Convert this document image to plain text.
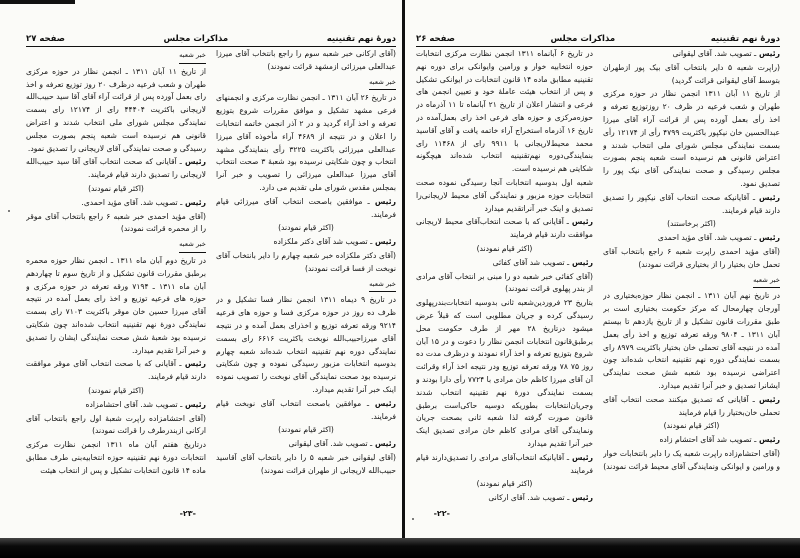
دورهٔ نهم تقنینیه
مذاکرات مجلس
صفحه ۲۷

(آقای ارکانی خبر شعبه سوم را راجع بانتخاب آقای میرزا عبدالعلی میرزائی ازمشهد قرائت نمودند)

خبر شعبه

در تاریخ ۲۶ آبان ۱۳۱۱ ـ انجمن نظارت مرکزی و انجمنهای فرعی مشهد تشکیل و موافق مقررات شروع بتوزیع تعرفه و اخذ آراء گردید و در ۲ آذر انجمن خاتمه انتخابات را اعلان و در نتیجه از ۴۶۸۹ آراء مأخوذه آقای میرزا عبدالعلی میرزائی باکثریت ۳۲۲۵ رأی بنمایندگی مشهد انتخاب و چون شکایتی نرسیده بود شعبهٔ ۳ صحت انتخاب آقای میرزا عبدالعلی میرزائی را تصویب و خبر آنرا بمجلس مقدس شورای ملی تقدیم می دارد.

رئیس ـ موافقین باصحت انتخاب آقای میرزائی قیام فرمایند.

(اکثر قیام نمودند)

رئیس ـ تصویب شد آقای دکتر ملکزاده

(آقای دکتر ملکزاده خبر شعبه چهارم را دایر بانتخاب آقای نوبخت از فسا قرائت نمودند)

خبر شعبه

در تاریخ ۹ دیماه ۱۳۱۱ انجمن نظار فسا تشکیل و در ظرف ده روز در حوزه مرکزی فسا و حوزه های فرعیه ۹۲۱۴ ورقه تعرفه توزیع و اخذرای بعمل آمده و در نتیجه آقای میرزاحبیب‌الله نوبخت باکثریت ۶۶۱۶ رای بسمت نمایندگی دوره نهم تقنینیه انتخاب شده‌اند شعبه چهارم بدوسیه انتخابات مزبور رسیدگی نموده و چون شکایتی نرسیده بود صحت نمایندگی آقای نوبخت را تصویب نموده اینک خبر آنرا تقدیم میدارد.

رئیس ـ موافقین باصحت انتخاب آقای نوبخت قیام فرمایند.

(اکثر قیام نمودند)

رئیس ـ تصویب شد. آقای لیقوانی

(آقای لیقوانی خبر شعبه ۵ را دایر بانتخاب آقای آقاسید حبیب‌الله لاریجانی از طهران قرائت نمودند)

خبر شعبه

از تاریخ ۱۱ آبان ۱۳۱۱ ـ انجمن نظار در حوزه مرکزی طهران و شعب فرعیه درظرف ۲۰ روز توزیع تعرفه و اخذ رای بعمل آورده پس از قرائت آراء آقای آقا سید حبیب‌الله لاریجانی باکثریت ۴۴۴۰۴ رای از ۱۲۱۷۴ رای بسمت نمایندگی مجلس شورای ملی انتخاب شدند و اعتراض قانونی هم نرسیده است شعبه پنجم بصورت مجلس رسیدگی و صحت نمایندگی آقای لاریجانی را تصدیق نمود.

رئیس ـ آقایانی که صحت انتخاب آقای آقا سید حبیب‌الله لاریجانی را تصدیق دارند قیام فرمایند.

(اکثر قیام نمودند)

رئیس ـ تصویب شد. آقای مؤید احمدی.

(آقای مؤید احمدی خبر شعبه ۶ راجع بانتخاب آقای موقر را از محمره قرائت نمودند)

خبر شعبه

در تاریخ دوم آبان ماه ۱۳۱۱ ـ انجمن نظار حوزه محمره برطبق مقررات قانون تشکیل و از تاریخ سوم تا چهاردهم آبان ماه ۱۳۱۱ ـ ۷۱۹۴ ورقه تعرفه در حوزه مرکزی و حوزه های فرعیه توزیع و اخذ رای بعمل آمده در نتیجه آقای میرزا حسین خان موقر باکثریت ۷۱۰۳ رای بسمت نمایندگی دورهٔ نهم تقنینیه انتخاب شده‌اند چون شکایتی نرسیده بود شعبهٔ شش صحت نمایندگی ایشان را تصدیق و خبر آنرا تقدیم میدارد.

رئیس ـ آقایانی که با صحت انتخاب آقای موقر موافقت دارند قیام فرمایند.

(اکثر قیام نمودند)

رئیس ـ تصویب شد. آقای احتشامزاده

(آقای احتشامزاده راپرت شعبهٔ اول راجع بانتخاب آقای ارکانی ازبندرطرف را قرائت نمودند)

درتاریخ هفتم آبان ماه ۱۳۱۱ انجمن نظارت مرکزی انتخابات دورهٔ نهم تقنینیه حوزه انتخابیه‌بنی طرف مطابق ماده ۱۴ قانون انتخابات تشکیل و پس از انتخاب هیئت

-۲۳-
دورهٔ نهم تقنینیه
مذاکرات مجلس
صفحه ۲۶

رئیس ـ تصویب شد. آقای لیقوانی

(راپرت شعبه ۵ دایر بانتخاب آقای بیک پور ازطهران بتوسط آقای لیقوانی قرائت گردید)

از تاریخ ۱۱ آبان ۱۳۱۱ انجمن نظار در حوزه مرکزی طهران و شعب فرعیه در ظرف ۲۰ روزتوزیع تعرفه و اخذ رأی بعمل آورده پس از قرائت آراء آقای میرزا عبدالحسین خان نیکپور باکثریت ۴۷۹۹ رأی از ۱۲۱۷۴ رأی بسمت نمایندگی مجلس شورای ملی انتخاب شدند و اعتراض قانونی هم نرسیده است شعبه پنجم بصورت مجلس رسیدگی و صحت نمایندگی آقای نیک پور را تصدیق نمود.

رئیس ـ آقایانیکه صحت انتخاب آقای نیکپور را تصدیق دارند قیام فرمایند.

(اکثر برخاستند)

رئیس ـ تصویب شد. آقای مؤید احمدی

(آقای مؤید احمدی راپرت شعبه ۶ راجع بانتخاب آقای تحمل خان بختیار را از بختیاری قرائت نمودند)

خبر شعبه

در تاریخ نهم آبان ۱۳۱۱ ـ انجمن نظار حوزه‌بختیاری در آورجان چهارمحال که مرکز حکومت بختیاری است بر طبق مقررات قانون تشکیل و از تاریخ یازدهم تا بیستم آبان ۱۳۱۱ ـ ۹۸۰۴ ورقه تعرفه توزیع و اخذ رأی بعمل آمده در نتیجه آقای تحملی خان بختیار باکثریت ۸۹۷۹ رای بسمت نمایندگی دوره نهم تقنینیه انتخاب شده‌اند چون اعتراضی نرسیده بود شعبه شش صحت نمایندگی ایشانرا تصدیق و خبر آنرا تقدیم میدارد.

رئیس ـ آقایانی که تصدیق میکنند صحت انتخاب آقای تحملی خان‌بختیار را قیام فرمایند

(اکثر قیام نمودند)

رئیس ـ تصویب شد آقای احتشام زاده

(آقای احتشام‌زاده راپرت شعبه یک را دایر بانتخابات خوار و ورامین و ایوانکی ونمایندگی آقای محیط قرائت نمودند)

در تاریخ ۶ آبانماه ۱۳۱۱ انجمن نظارت مرکزی انتخابات حوزه انتخابیه خوار و ورامین وایوانکی برای دوره نهم تقنینیه مطابق ماده ۱۴ قانون انتخابات در ایوانکی تشکیل و پس از انتخاب هیئت عاملهٔ خود و تعیین انجمن های فرعی و انتشار اعلان از تاریخ ۲۱ آبانماه تا ۱۱ آذرماه در حوزه‌مرکزی و حوزه های فرعی اخذ رای بعمل‌آمده در تاریخ ۱۶ آذرماه استخراج آراء خاتمه یافت و آقای آقاسید محمد محیط‌لاریجانی با ۹۹۱۱ رای از ۱۱۴۶۸ رای بنمایندگی‌دوره نهم‌تقنینیه انتخاب شده‌اند هیچگونه شکایتی هم نرسیده است.

شعبه اول بدوسیه انتخابات آنجا رسیدگی نموده صحت انتخابات حوزه مزبور و نمایندگی آقای محیط لاریجانی‌را تصدیق و اینک خبر آنراتقدیم میدارد

رئیس ـ آقایانی که با صحت انتخاب‌آقای محیط لاریجانی موافقت دارند قیام فرمایند

(اکثر قیام نمودند)

رئیس ـ تصویب شد آقای کفائی

(آقای کفائی خبر شعبه دو را مبنی بر انتخاب آقای مرادی از بندر پهلوی قرائت نمودند)

بتاریخ ۲۳ فروردین‌شعبه ثانی بدوسیه انتخابات‌بندرپهلوی رسیدگی کرده و جریان مطلوبی است که قبلاً عرض میشود درتاریخ ۲۸ مهر از طرف حکومت محل برطبق‌قانون انتخابات انجمن نظار را دعوت و در ۱۵ آبان شروع بتوزیع تعرفه و اخذ آراء نمودند و درظرف مدت ده روز ۷۵ ۷۸ ورقه تعرفه توزیع ودر نتیجه اخذ آراء وقرائت آن آقای میرزا کاظم خان مرادی با ۷۷۲۴ رأی دارا بودند و بسمت نمایندگی دورهٔ نهم تقنینیه انتخاب شدند وجریان‌انتخابات بطوریکه دوسیه حاکی‌است برطبق قانون صورت گرفته لذا شعبه ثانی بصحت جریان ونمایندگی آقای مرادی کاظم خان مرادی تصدیق اینک خبر آنرا تقدیم میدارد

رئیس ـ آقایانیکه انتخاب‌آقای مرادی را تصدیق‌دارند قیام فرمایند

(اکثر قیام نمودند)

رئیس ـ تصویب شد. آقای ارکانی

-۲۲-
